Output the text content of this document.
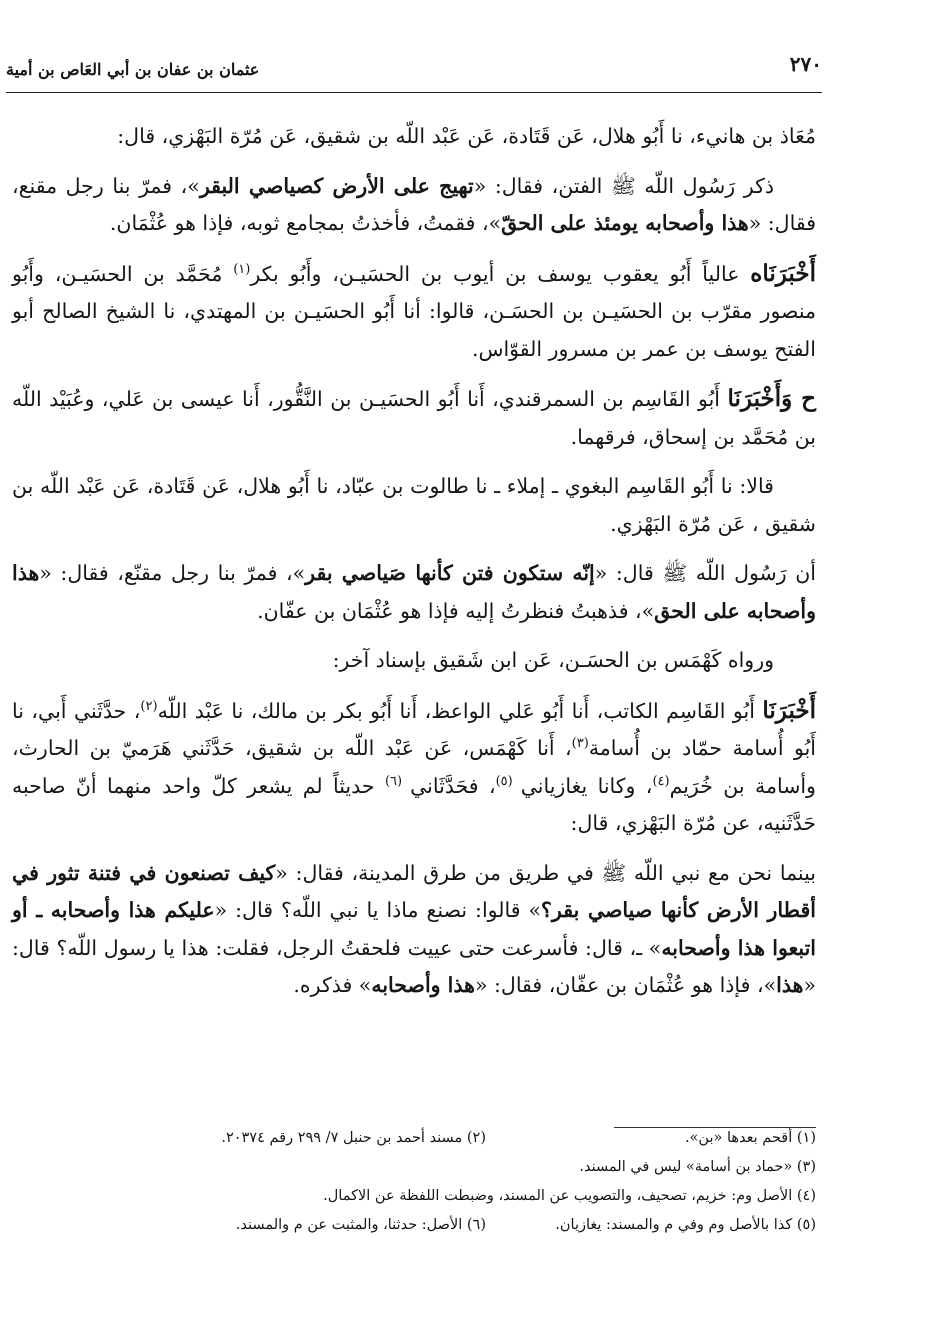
٢٧٠
عثمان بن عفان بن أبي العَاص بن أمية

مُعَاذ بن هانيء، نا أَبُو هلال، عَن قَتَادة، عَن عَبْد اللّه بن شقيق، عَن مُرّة البَهْزي، قال:

ذكر رَسُول اللّه ﷺ الفتن، فقال: «تهيج على الأرض كصياصي البقر»، فمرّ بنا رجل مقنع، فقال: «هذا وأصحابه يومئذ على الحقّ»، فقمتُ، فأخذتُ بمجامع ثوبه، فإذا هو عُثْمَان.

أَخْبَرَنَاه عالياً أَبُو يعقوب يوسف بن أيوب بن الحسَيـن، وأَبُو بكر$^{(١)}$ مُحَمَّد بن الحسَيـن، وأَبُو منصور مقرّب بن الحسَيـن بن الحسَـن، قالوا: أنا أَبُو الحسَيـن بن المهتدي، نا الشيخ الصالح أبو الفتح يوسف بن عمر بن مسرور القوّاس.

ح وَأَخْبَرَنَا أَبُو القَاسِم بن السمرقندي، أَنا أَبُو الحسَيـن بن النَّقُّور، أَنا عيسى بن عَلي، وعُبَيْد اللّه بن مُحَمَّد بن إسحاق، فرقهما.

قالا: نا أَبُو القَاسِم البغوي ـ إملاء ـ نا طالوت بن عبّاد، نا أَبُو هلال، عَن قَتَادة، عَن عَبْد اللّه بن شقيق ، عَن مُرّة البَهْزي.

أن رَسُول اللّه ﷺ قال: «إنّه ستكون فتن كأنها صَياصي بقر»، فمرّ بنا رجل مقنّع، فقال: «هذا وأصحابه على الحق»، فذهبتُ فنظرتُ إليه فإذا هو عُثْمَان بن عفّان.

ورواه كَهْمَس بن الحسَـن، عَن ابن شَقيق بإسناد آخر:

أَخْبَرَنَا أَبُو القَاسِم الكاتب، أَنا أَبُو عَلي الواعظ، أَنا أَبُو بكر بن مالك، نا عَبْد اللّه$^{(٢)}$، حدَّثَني أَبي، نا أَبُو أُسامة حمّاد بن أُسامة$^{(٣)}$، أَنا كَهْمَس، عَن عَبْد اللّه بن شقيق، حَدَّثَني هَرَميّ بن الحارث، وأسامة بن خُرَيم$^{(٤)}$، وكانا يغازياني $^{(٥)}$، فحَدَّثَاني $^{(٦)}$ حديثاً لم يشعر كلّ واحد منهما أنّ صاحبه حَدَّثَنيه، عن مُرّة البَهْزي، قال:

بينما نحن مع نبي اللّه ﷺ في طريق من طرق المدينة، فقال: «كيف تصنعون في فتنة تثور في أقطار الأرض كأنها صياصي بقر؟» قالوا: نصنع ماذا يا نبي اللّه؟ قال: «عليكم هذا وأصحابه ـ أو اتبعوا هذا وأصحابه» ـ، قال: فأسرعت حتى عييت فلحقتُ الرجل، فقلت: هذا يا رسول اللّه؟ قال: «هذا»، فإذا هو عُثْمَان بن عفّان، فقال: «هذا وأصحابه» فذكره.

(١) أقحم بعدها «بن».
(٢) مسند أحمد بن حنبل ٧/ ٢٩٩ رقم ٢٠٣٧٤.
(٣) «حماد بن أسامة» ليس في المسند.
(٤) الأصل وم: خزيم، تصحيف، والتصويب عن المسند، وضبطت اللفظة عن الاكمال.
(٥) كذا بالأصل وم وفي م والمسند: يغازيان.
(٦) الأصل: حدثنا، والمثبت عن م والمسند.
